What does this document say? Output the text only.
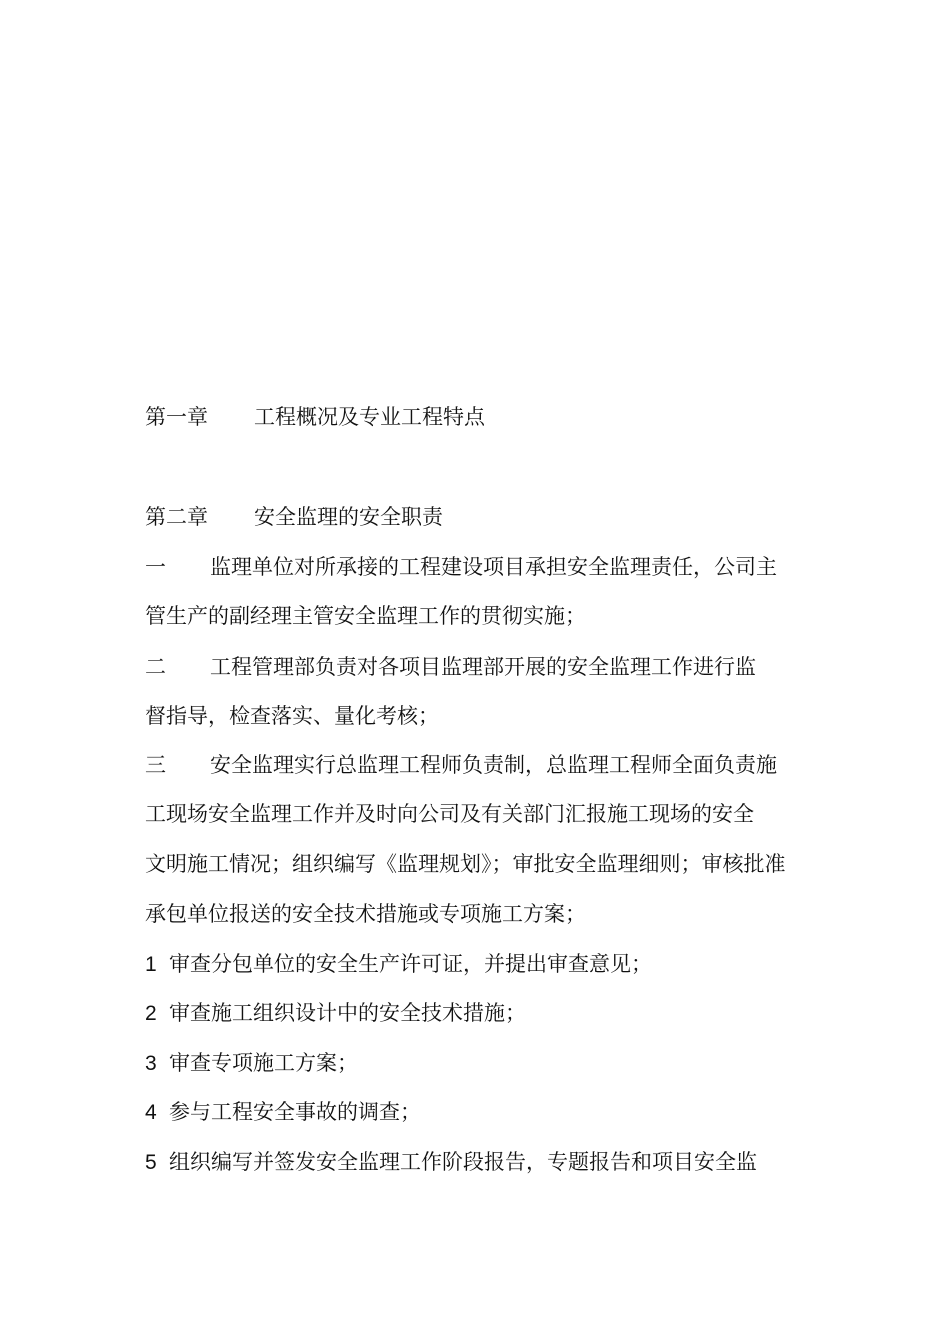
第一章 工程概况及专业工程特点
第二章 安全监理的安全职责
一 监理单位对所承接的工程建设项目承担安全监理责任，公司主
管生产的副经理主管安全监理工作的贯彻实施；
二 工程管理部负责对各项目监理部开展的安全监理工作进行监
督指导，检查落实、量化考核；
三 安全监理实行总监理工程师负责制，总监理工程师全面负责施
工现场安全监理工作并及时向公司及有关部门汇报施工现场的安全
文明施工情况；组织编写《监理规划》；审批安全监理细则；审核批准
承包单位报送的安全技术措施或专项施工方案；
1 审查分包单位的安全生产许可证，并提出审查意见；
2 审查施工组织设计中的安全技术措施；
3 审查专项施工方案；
4 参与工程安全事故的调查；
5 组织编写并签发安全监理工作阶段报告，专题报告和项目安全监
